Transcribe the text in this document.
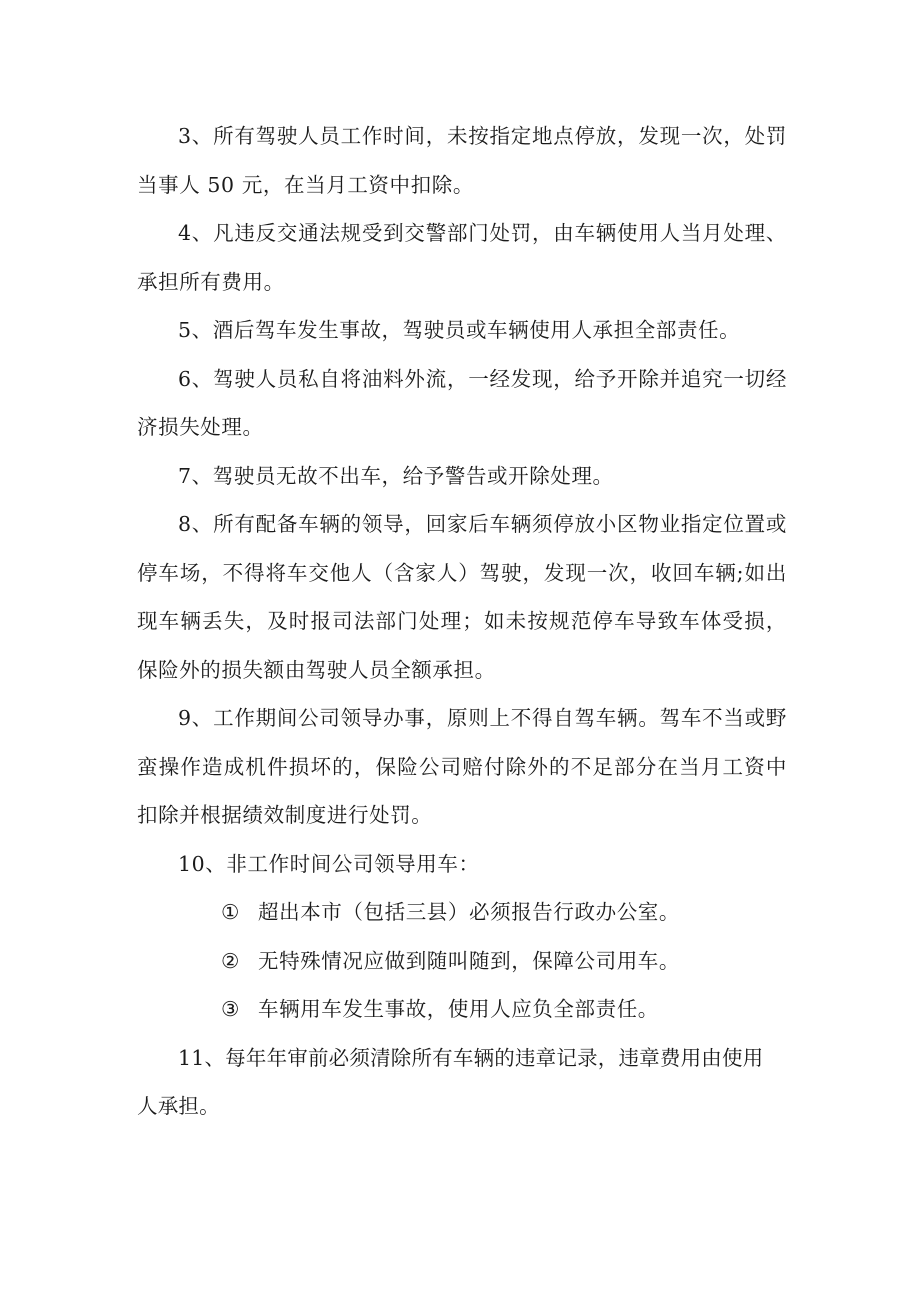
3、所有驾驶人员工作时间，未按指定地点停放，发现一次，处罚当事人 50 元，在当月工资中扣除。

4、凡违反交通法规受到交警部门处罚，由车辆使用人当月处理、承担所有费用。

5、酒后驾车发生事故，驾驶员或车辆使用人承担全部责任。

6、驾驶人员私自将油料外流，一经发现，给予开除并追究一切经济损失处理。

7、驾驶员无故不出车，给予警告或开除处理。

8、所有配备车辆的领导，回家后车辆须停放小区物业指定位置或停车场，不得将车交他人（含家人）驾驶，发现一次，收回车辆;如出现车辆丢失，及时报司法部门处理；如未按规范停车导致车体受损，保险外的损失额由驾驶人员全额承担。

9、工作期间公司领导办事，原则上不得自驾车辆。驾车不当或野蛮操作造成机件损坏的，保险公司赔付除外的不足部分在当月工资中扣除并根据绩效制度进行处罚。

10、非工作时间公司领导用车：

① 超出本市（包括三县）必须报告行政办公室。
② 无特殊情况应做到随叫随到，保障公司用车。
③ 车辆用车发生事故，使用人应负全部责任。

11、每年年审前必须清除所有车辆的违章记录，违章费用由使用

人承担。
